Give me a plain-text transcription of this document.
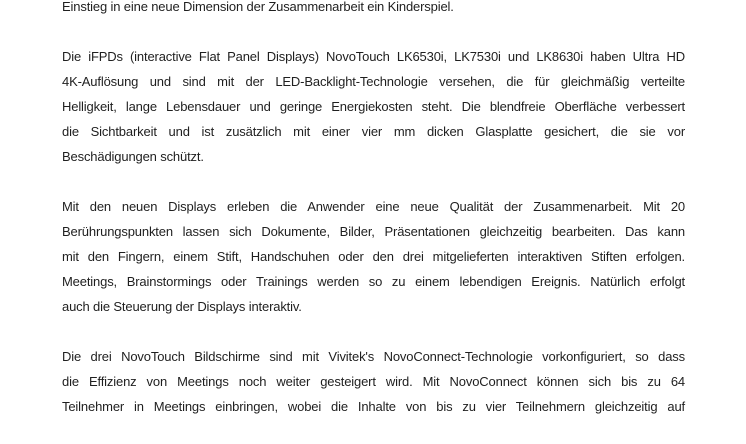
Einstieg in eine neue Dimension der Zusammenarbeit ein Kinderspiel.
Die iFPDs (interactive Flat Panel Displays) NovoTouch LK6530i, LK7530i und LK8630i haben Ultra HD
4K-Auflösung und sind mit der LED-Backlight-Technologie versehen, die für gleichmäßig verteilte
Helligkeit, lange Lebensdauer und geringe Energiekosten steht. Die blendfreie Oberfläche verbessert
die Sichtbarkeit und ist zusätzlich mit einer vier mm dicken Glasplatte gesichert, die sie vor
Beschädigungen schützt.
Mit den neuen Displays erleben die Anwender eine neue Qualität der Zusammenarbeit. Mit 20
Berührungspunkten lassen sich Dokumente, Bilder, Präsentationen gleichzeitig bearbeiten. Das kann
mit den Fingern, einem Stift, Handschuhen oder den drei mitgelieferten interaktiven Stiften erfolgen.
Meetings, Brainstormings oder Trainings werden so zu einem lebendigen Ereignis. Natürlich erfolgt
auch die Steuerung der Displays interaktiv.
Die drei NovoTouch Bildschirme sind mit Vivitek's NovoConnect-Technologie vorkonfiguriert, so dass
die Effizienz von Meetings noch weiter gesteigert wird. Mit NovoConnect können sich bis zu 64
Teilnehmer in Meetings einbringen, wobei die Inhalte von bis zu vier Teilnehmern gleichzeitig auf
